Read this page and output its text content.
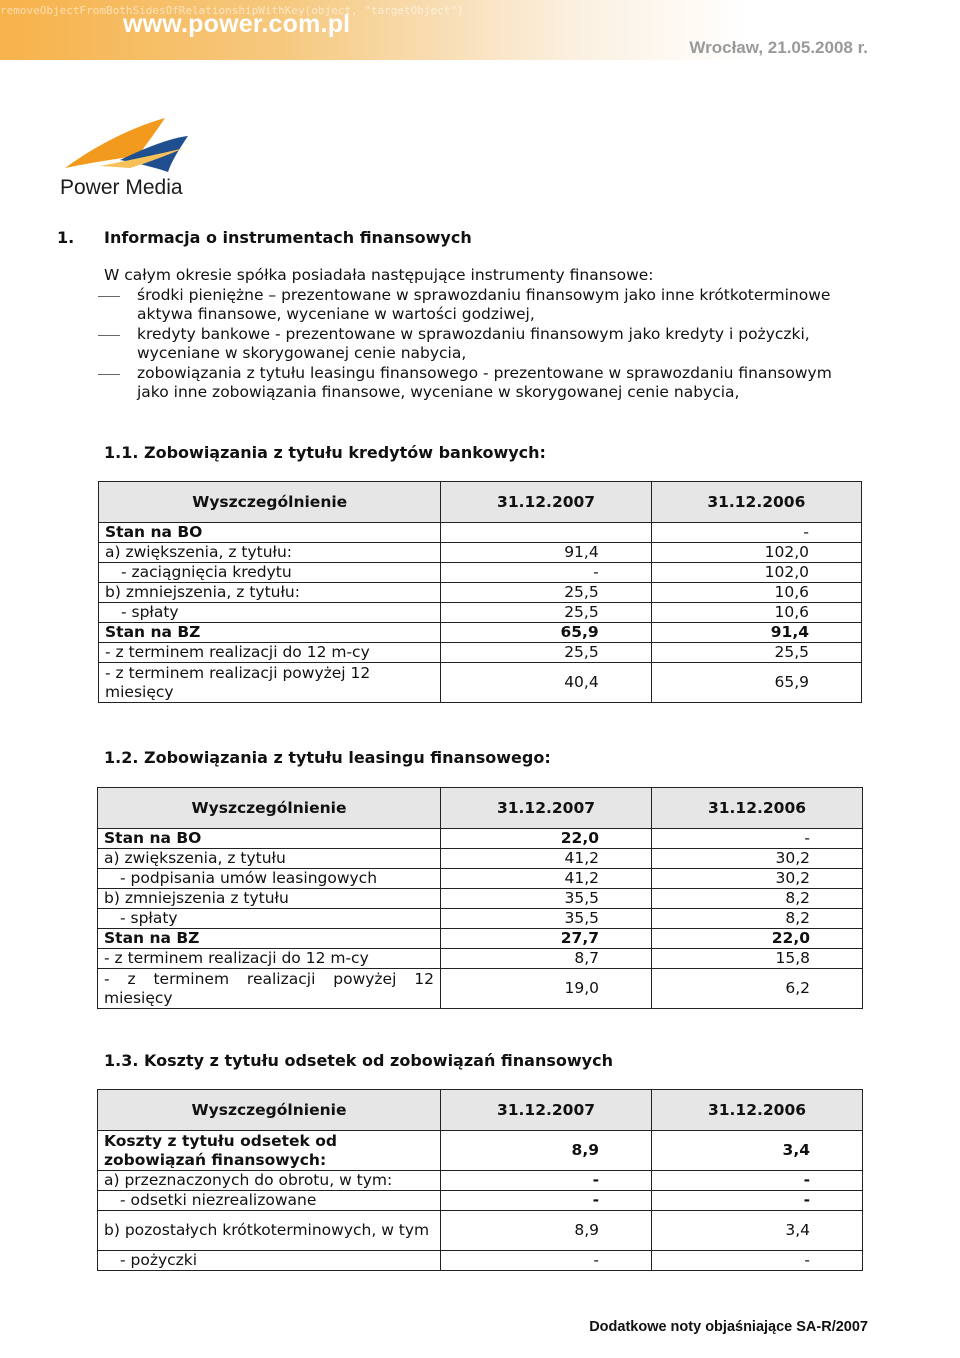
removeObjectFromBothSidesOfRelationshipWithKey(object, "targetObject")
www.power.com.pl
Wrocław, 21.05.2008 r.
Power Media
1. Informacja o instrumentach finansowych
W całym okresie spółka posiadała następujące instrumenty finansowe:
środki pieniężne – prezentowane w sprawozdaniu finansowym jako inne krótkoterminowe
aktywa finansowe, wyceniane w wartości godziwej,
kredyty bankowe - prezentowane w sprawozdaniu finansowym jako kredyty i pożyczki,
wyceniane w skorygowanej cenie nabycia,
zobowiązania z tytułu leasingu finansowego - prezentowane w sprawozdaniu finansowym
jako inne zobowiązania finansowe, wyceniane w skorygowanej cenie nabycia,
1.1. Zobowiązania z tytułu kredytów bankowych:
Wyszczególnienie	31.12.2007	31.12.2006
Stan na BO		-
a) zwiększenia, z tytułu:	91,4	102,0
- zaciągnięcia kredytu	-	102,0
b) zmniejszenia, z tytułu:	25,5	10,6
- spłaty	25,5	10,6
Stan na BZ	65,9	91,4
- z terminem realizacji do 12 m-cy	25,5	25,5
- z terminem realizacji powyżej 12 miesięcy	40,4	65,9
1.2. Zobowiązania z tytułu leasingu finansowego:
Wyszczególnienie	31.12.2007	31.12.2006
Stan na BO	22,0	-
a) zwiększenia, z tytułu	41,2	30,2
- podpisania umów leasingowych	41,2	30,2
b) zmniejszenia z tytułu	35,5	8,2
- spłaty	35,5	8,2
Stan na BZ	27,7	22,0
- z terminem realizacji do 12 m-cy	8,7	15,8
- z terminem realizacji powyżej 12 miesięcy	19,0	6,2
1.3. Koszty z tytułu odsetek od zobowiązań finansowych
Wyszczególnienie	31.12.2007	31.12.2006
Koszty z tytułu odsetek od zobowiązań finansowych:	8,9	3,4
a) przeznaczonych do obrotu, w tym:	-	-
- odsetki niezrealizowane	-	-
b) pozostałych krótkoterminowych, w tym	8,9	3,4
- pożyczki	-	-
Dodatkowe noty objaśniające SA-R/2007
